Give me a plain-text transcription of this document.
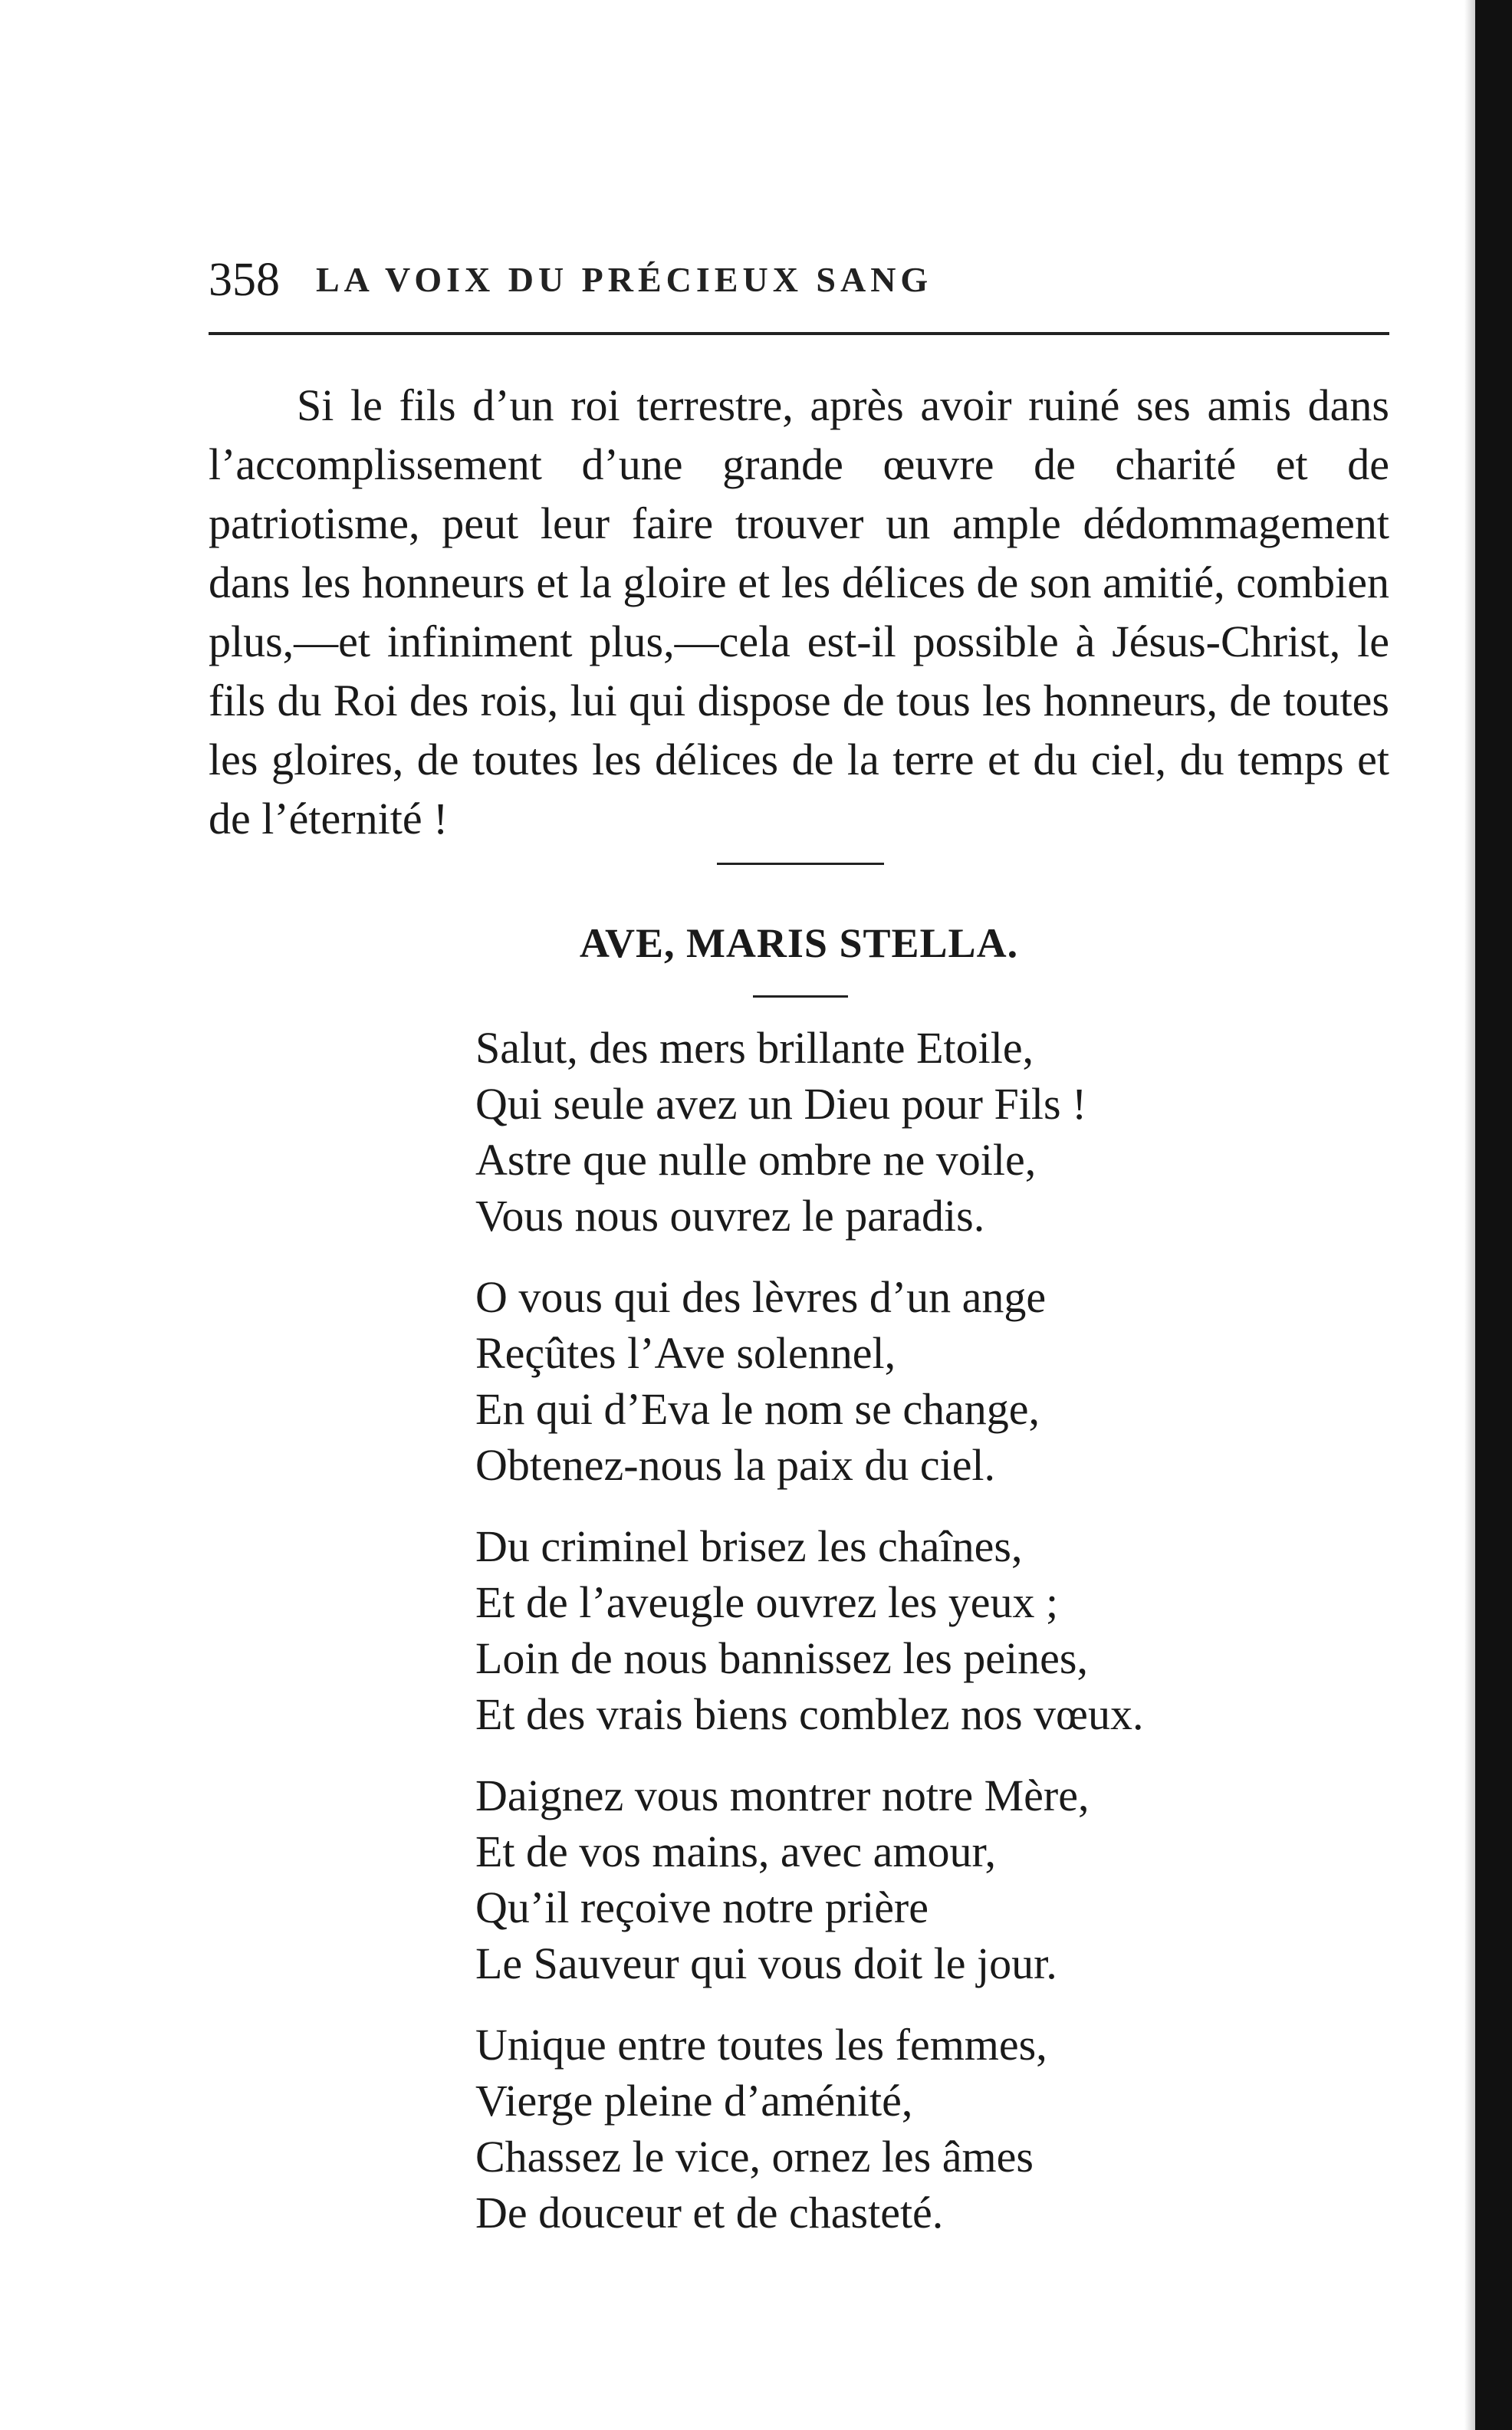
358 LA VOIX DU PRÉCIEUX SANG

Si le fils d’un roi terrestre, après avoir ruiné ses amis dans l’accomplissement d’une grande œuvre de charité et de patriotisme, peut leur faire trouver un ample dédommagement dans les honneurs et la gloire et les délices de son amitié, combien plus,—et infiniment plus,—cela est-il possible à Jésus-Christ, le fils du Roi des rois, lui qui dispose de tous les honneurs, de toutes les gloires, de toutes les délices de la terre et du ciel, du temps et de l’éternité !

AVE, MARIS STELLA.
Salut, des mers brillante Etoile,
Qui seule avez un Dieu pour Fils !
Astre que nulle ombre ne voile,
Vous nous ouvrez le paradis.
O vous qui des lèvres d’un ange
Reçûtes l’Ave solennel,
En qui d’Eva le nom se change,
Obtenez-nous la paix du ciel.
Du criminel brisez les chaînes,
Et de l’aveugle ouvrez les yeux ;
Loin de nous bannissez les peines,
Et des vrais biens comblez nos vœux.
Daignez vous montrer notre Mère,
Et de vos mains, avec amour,
Qu’il reçoive notre prière
Le Sauveur qui vous doit le jour.
Unique entre toutes les femmes,
Vierge pleine d’aménité,
Chassez le vice, ornez les âmes
De douceur et de chasteté.
